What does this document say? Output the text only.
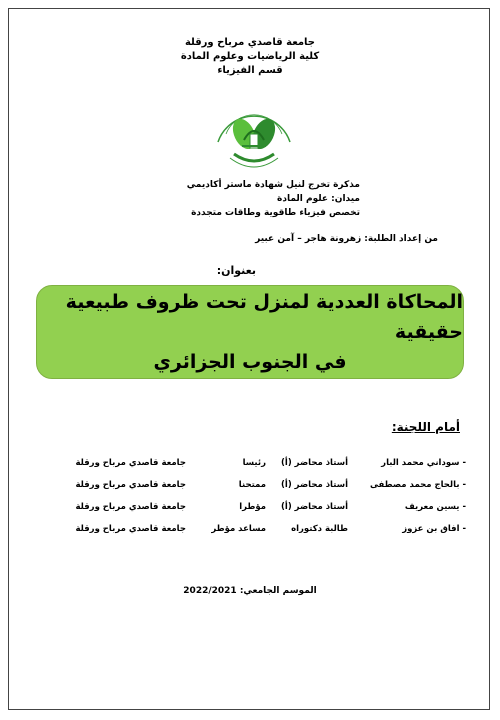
جامعة قاصدي مرباح ورقلة
كلية الرياضيات وعلوم المادة
قسم الفيزياء
مذكرة تخرج لنيل شهادة ماستر أكاديمي
ميدان: علوم المادة
تخصص فيزياء طاقوية وطاقات متجددة
من إعداد الطلبة: زهرونة هاجر – آمن عبير
بعنوان:
المحاكاة العددية لمنزل تحت ظروف طبيعية حقيقية
في الجنوب الجزائري
أمام اللجنة:
- سوداني محمد البار
أستاذ محاضر (أ)
رئيسا
جامعة قاصدي مرباح ورقلة
- بالحاج محمد مصطفى
أستاذ محاضر (أ)
ممتحنا
جامعة قاصدي مرباح ورقلة
- يسين معريف
أستاذ محاضر (أ)
مؤطرا
جامعة قاصدي مرباح ورقلة
- افاق بن عزوز
طالبة دكتوراه
مساعد مؤطر
جامعة قاصدي مرباح ورقلة
الموسم الجامعي: 2022/2021
